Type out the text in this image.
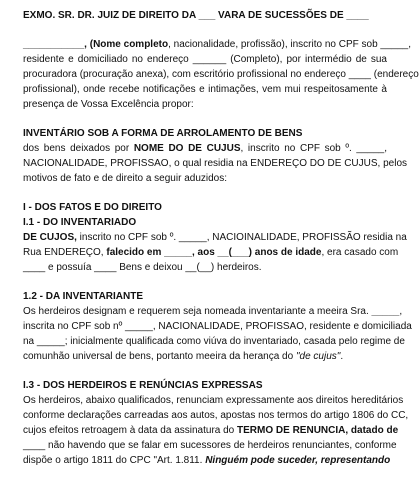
EXMO. SR. DR. JUIZ DE DIREITO DA ___ VARA DE SUCESSÕES DE ____
___________, (Nome completo, nacionalidade, profissão), inscrito no CPF sob _____,
residente e domiciliado no endereço ______ (Completo), por intermédio de sua
procuradora (procuração anexa), com escritório profissional no endereço ____ (endereço
profissional), onde recebe notificações e intimações, vem mui respeitosamente à
presença de Vossa Excelência propor:
INVENTÁRIO SOB A FORMA DE ARROLAMENTO DE BENS
dos bens deixados por NOME DO DE CUJUS, inscrito no CPF sob º. _____,
NACIONALIDADE, PROFISSAO, o qual residia na ENDEREÇO DO DE CUJUS, pelos
motivos de fato e de direito a seguir aduzidos:
I - DOS FATOS E DO DIREITO
I.1 - DO INVENTARIADO
DE CUJOS, inscrito no CPF sob º. _____, NACIOINALIDADE, PROFISSÃO residia na
Rua ENDEREÇO, falecido em _____, aos __(___) anos de idade, era casado com
____ e possuía ____ Bens e deixou __(__) herdeiros.
1.2 - DA INVENTARIANTE
Os herdeiros designam e requerem seja nomeada inventariante a meeira Sra. _____,
inscrita no CPF sob nº _____, NACIONALIDADE, PROFISSAO, residente e domiciliada
na _____; inicialmente qualificada como viúva do inventariado, casada pelo regime de
comunhão universal de bens, portanto meeira da herança do "de cujus".
I.3 - DOS HERDEIROS E RENÚNCIAS EXPRESSAS
Os herdeiros, abaixo qualificados, renunciam expressamente aos direitos hereditários
conforme declarações carreadas aos autos, apostas nos termos do artigo 1806 do CC,
cujos efeitos retroagem à data da assinatura do TERMO DE RENUNCIA, datado de
____ não havendo que se falar em sucessores de herdeiros renunciantes, conforme
dispõe o artigo 1811 do CPC "Art. 1.811. Ninguém pode suceder, representando
